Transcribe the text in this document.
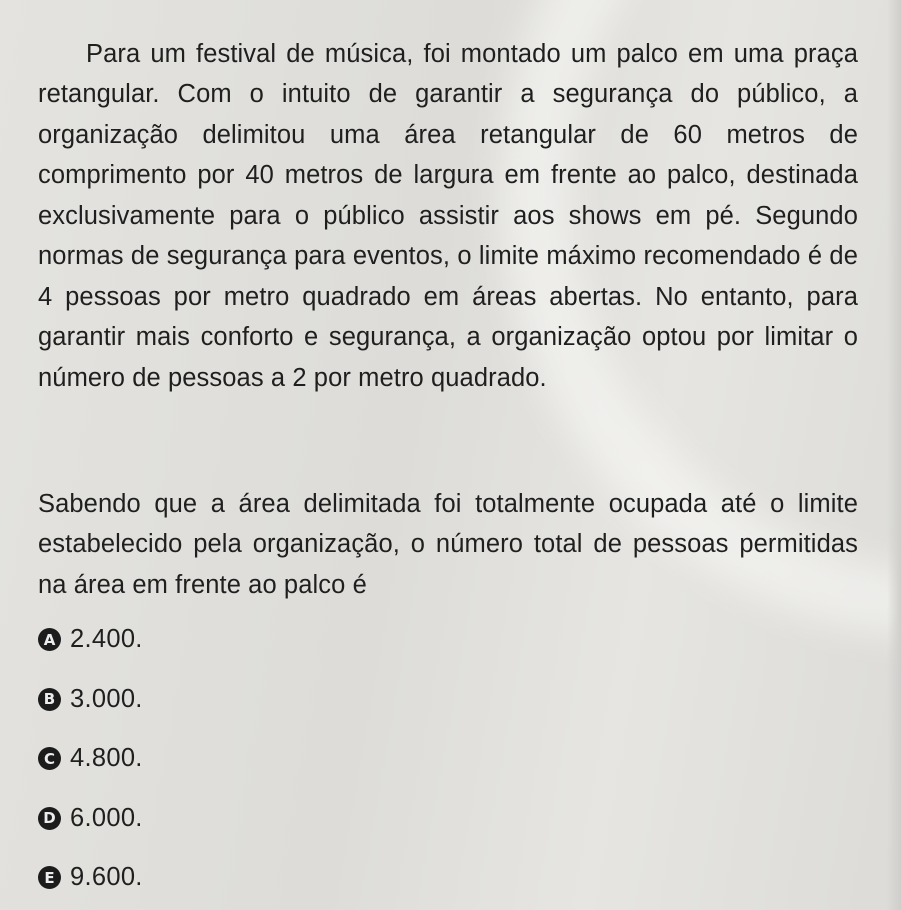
Para um festival de música, foi montado um palco em uma praça retangular. Com o intuito de garantir a segurança do público, a organização delimitou uma área retangular de 60 metros de comprimento por 40 metros de largura em frente ao palco, destinada exclusivamente para o público assistir aos shows em pé. Segundo normas de segurança para eventos, o limite máximo recomendado é de 4 pessoas por metro quadrado em áreas abertas. No entanto, para garantir mais conforto e segurança, a organização optou por limitar o número de pessoas a 2 por metro quadrado.

Sabendo que a área delimitada foi totalmente ocupada até o limite estabelecido pela organização, o número total de pessoas permitidas na área em frente ao palco é

A 2.400.
B 3.000.
C 4.800.
D 6.000.
E 9.600.
